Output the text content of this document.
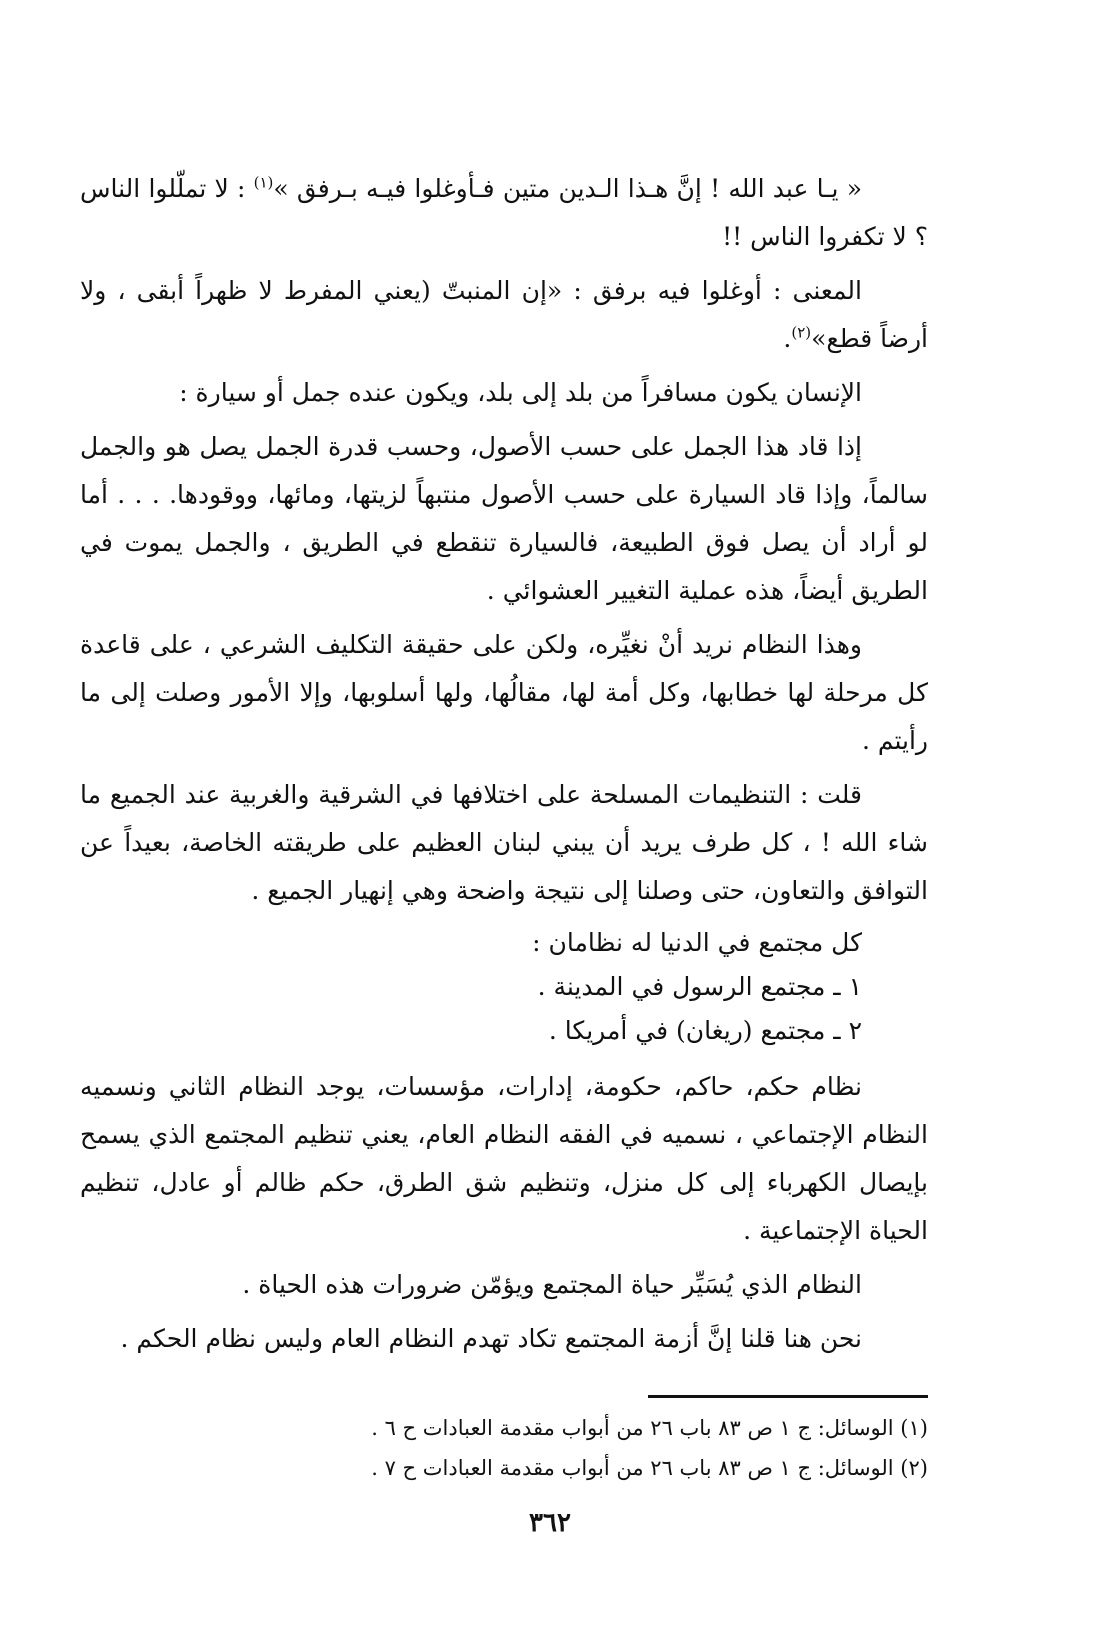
« يـا عبد الله ! إنَّ هـذا الـدين متين فـأوغلوا فيـه بـرفق »$^{(١)}$ : لا تملّلوا الناس ؟ لا تكفروا الناس !!

المعنى : أوغلوا فيه برفق : «إن المنبتّ (يعني المفرط لا ظهراً أبقى ، ولا أرضاً قطع»$^{(٢)}$.

الإنسان يكون مسافراً من بلد إلى بلد، ويكون عنده جمل أو سيارة :

إذا قاد هذا الجمل على حسب الأصول، وحسب قدرة الجمل يصل هو والجمل سالماً، وإذا قاد السيارة على حسب الأصول منتبهاً لزيتها، ومائها، ووقودها. . . . أما لو أراد أن يصل فوق الطبيعة، فالسيارة تنقطع في الطريق ، والجمل يموت في الطريق أيضاً، هذه عملية التغيير العشوائي .

وهذا النظام نريد أنْ نغيِّره، ولكن على حقيقة التكليف الشرعي ، على قاعدة كل مرحلة لها خطابها، وكل أمة لها، مقالُها، ولها أسلوبها، وإلا الأمور وصلت إلى ما رأيتم .

قلت : التنظيمات المسلحة على اختلافها في الشرقية والغربية عند الجميع ما شاء الله ! ، كل طرف يريد أن يبني لبنان العظيم على طريقته الخاصة، بعيداً عن التوافق والتعاون، حتى وصلنا إلى نتيجة واضحة وهي إنهيار الجميع .

كل مجتمع في الدنيا له نظامان :

١ ـ مجتمع الرسول في المدينة .

٢ ـ مجتمع (ريغان) في أمريكا .

نظام حكم، حاكم، حكومة، إدارات، مؤسسات، يوجد النظام الثاني ونسميه النظام الإجتماعي ، نسميه في الفقه النظام العام، يعني تنظيم المجتمع الذي يسمح بإيصال الكهرباء إلى كل منزل، وتنظيم شق الطرق، حكم ظالم أو عادل، تنظيم الحياة الإجتماعية .

النظام الذي يُسَيِّر حياة المجتمع ويؤمّن ضرورات هذه الحياة .

نحن هنا قلنا إنَّ أزمة المجتمع تكاد تهدم النظام العام وليس نظام الحكم .

(١) الوسائل: ج ١ ص ٨٣ باب ٢٦ من أبواب مقدمة العبادات ح ٦ .

(٢) الوسائل: ج ١ ص ٨٣ باب ٢٦ من أبواب مقدمة العبادات ح ٧ .

٣٦٢
